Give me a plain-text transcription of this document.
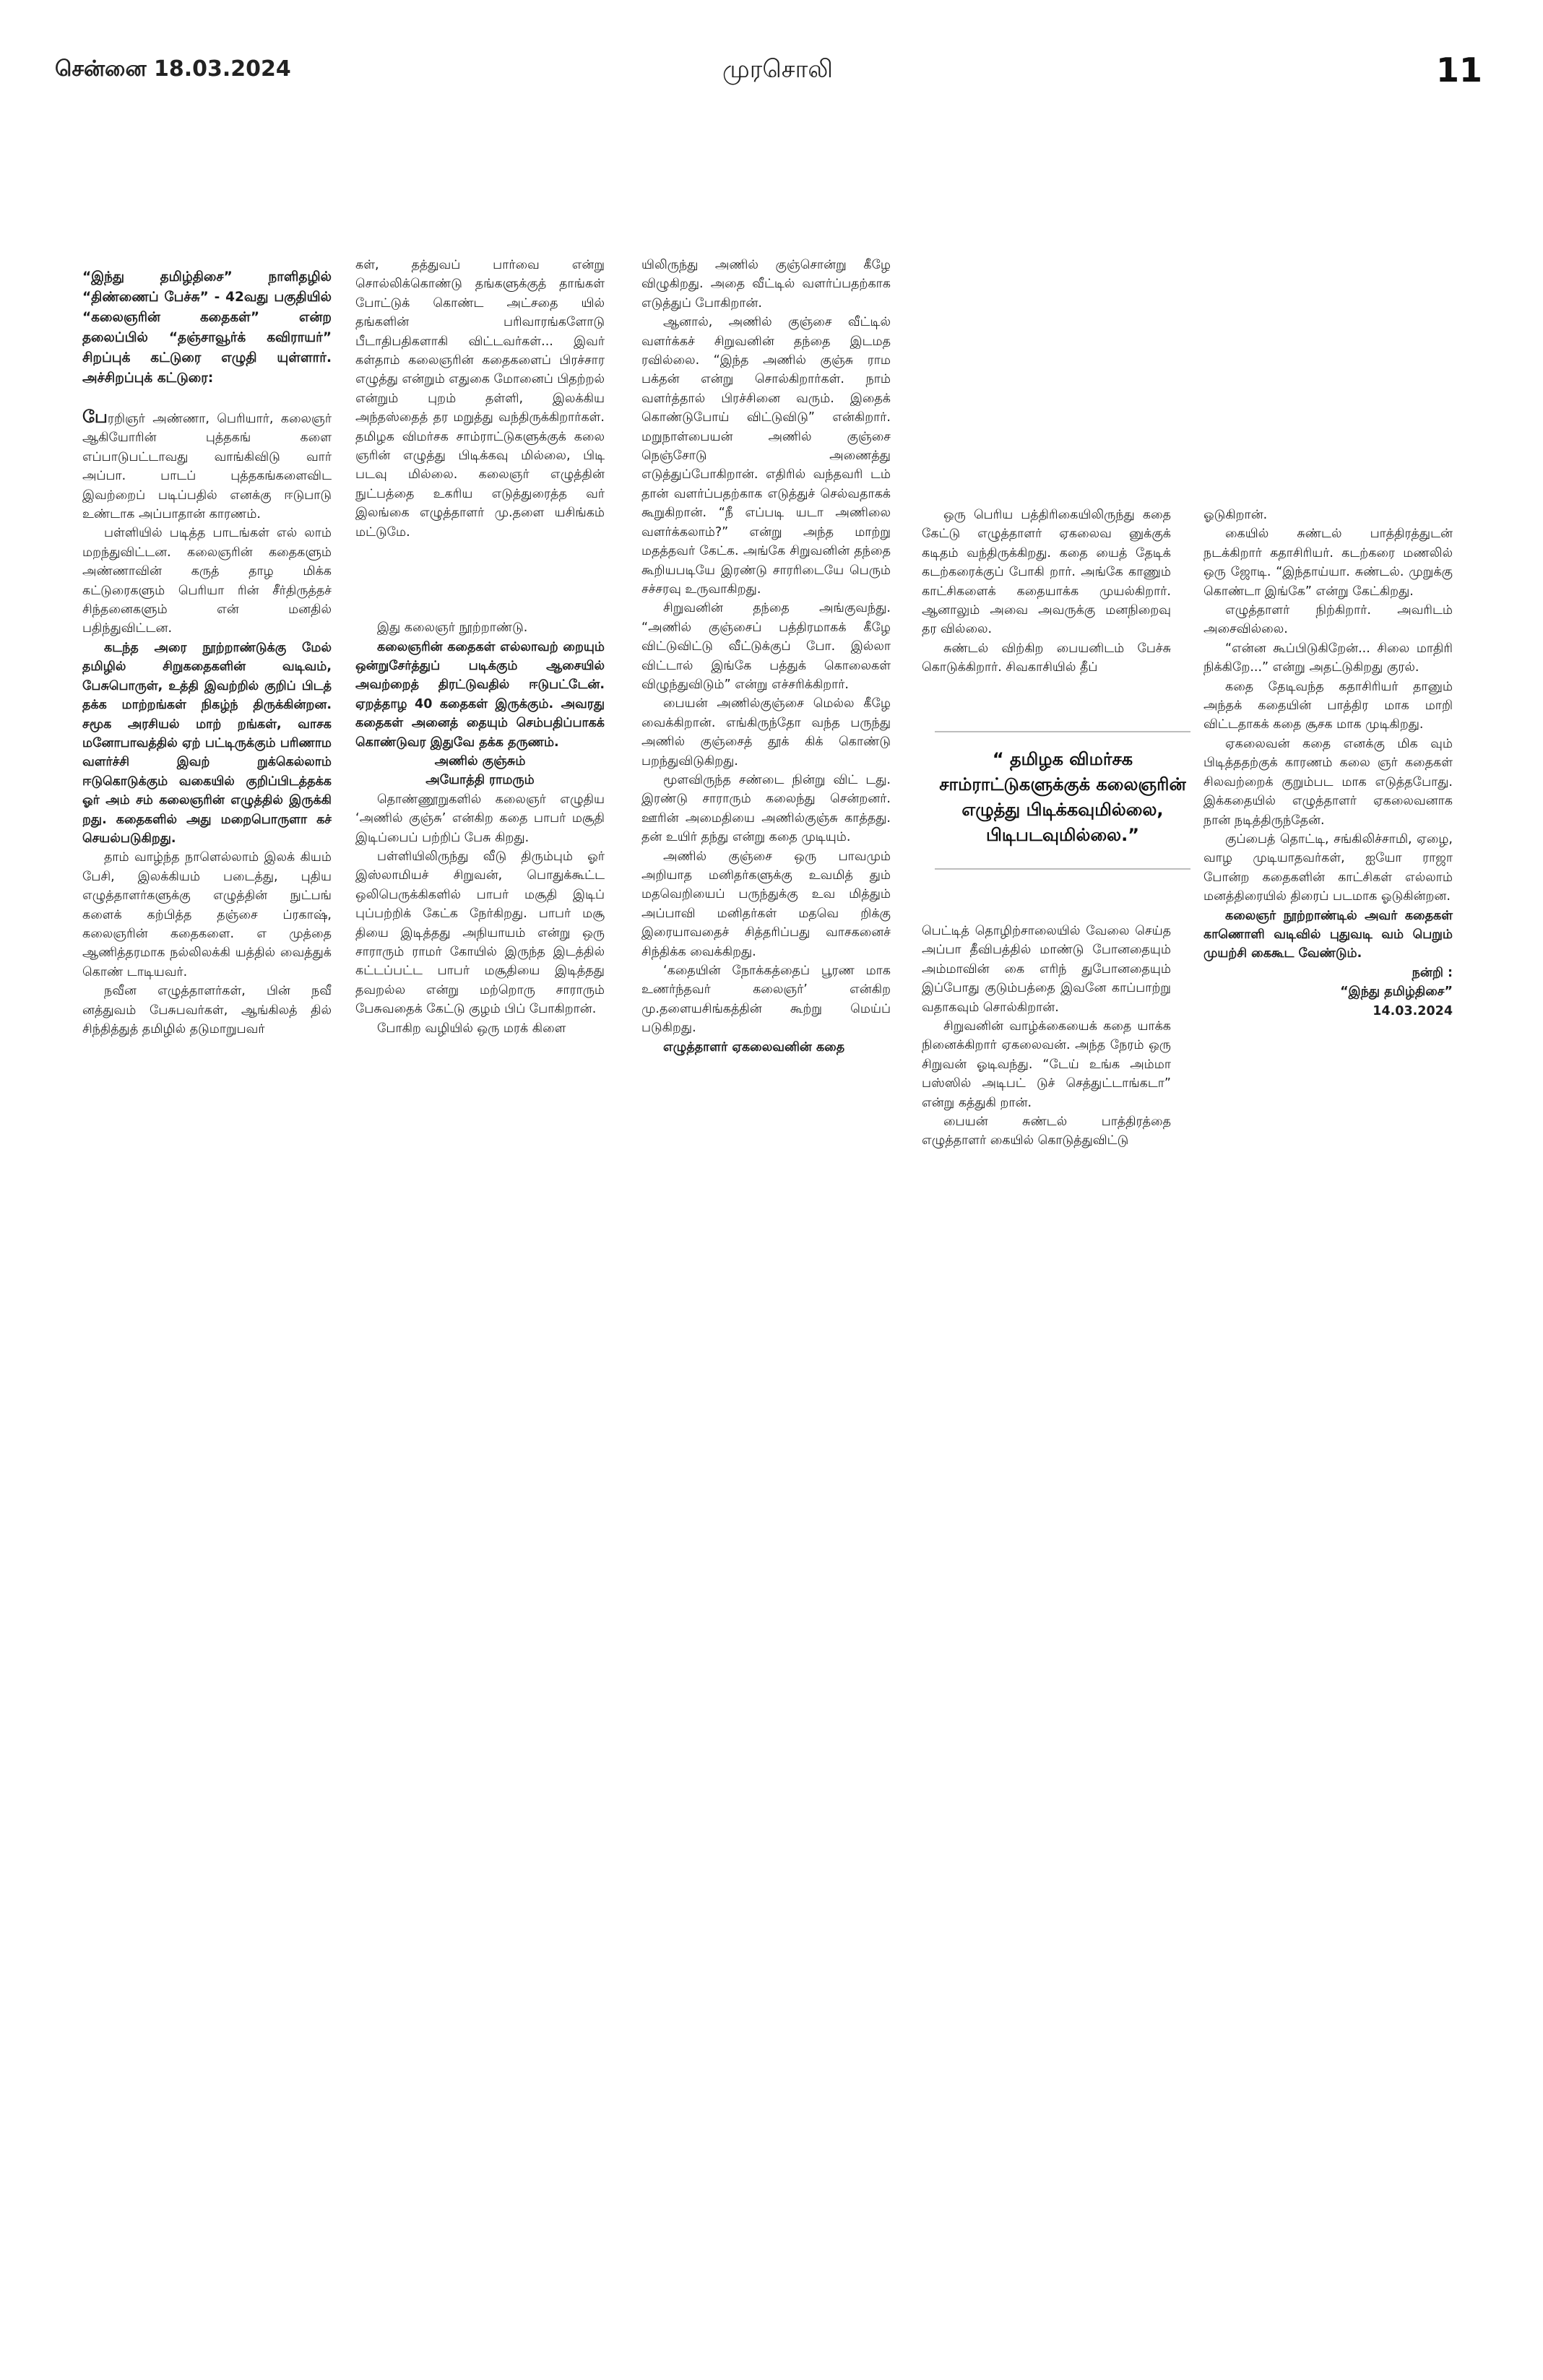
சென்னை 18.03.2024	முரசொலி	11

“இந்து தமிழ்திசை” நாளிதழில் “திண்ணைப் பேச்சு” - 42வது பகுதியில் “கலைஞரின் கதைகள்” என்ற தலைப்பில் “தஞ்சாவூர்க் கவிராயர்” சிறப்புக் கட்டுரை எழுதி யுள்ளார். அச்சிறப்புக் கட்டுரை:

பேரறிஞர் அண்ணா, பெரியார், கலைஞர் ஆகியோரின் புத்தகங் களை எப்பாடுபட்டாவது வாங்கிவிடு வார் அப்பா. பாடப் புத்தகங்களைவிட இவற்றைப் படிப்பதில் எனக்கு ஈடுபாடு உண்டாக அப்பாதான் காரணம்.

பள்ளியில் படித்த பாடங்கள் எல் லாம் மறந்துவிட்டன. கலைஞரின் கதைகளும் அண்ணாவின் கருத் தாழ மிக்க கட்டுரைகளும் பெரியா ரின் சீர்திருத்தச் சிந்தனைகளும் என் மனதில் பதிந்துவிட்டன.

கடந்த அரை நூற்றாண்டுக்கு மேல் தமிழில் சிறுகதைகளின் வடிவம், பேசுபொருள், உத்தி இவற்றில் குறிப் பிடத் தக்க மாற்றங்கள் நிகழ்ந் திருக்கின்றன. சமூக அரசியல் மாற் றங்கள், வாசக மனோபாவத்தில் ஏற் பட்டிருக்கும் பரிணாம வளர்ச்சி இவற் றுக்கெல்லாம் ஈடுகொடுக்கும் வகையில் குறிப்பிடத்தக்க ஓர் அம் சம் கலைஞரின் எழுத்தில் இருக்கி றது. கதைகளில் அது மறைபொருளா கச் செயல்படுகிறது.

தாம் வாழ்ந்த நாளெல்லாம் இலக் கியம் பேசி, இலக்கியம் படைத்து, புதிய எழுத்தாளர்களுக்கு எழுத்தின் நுட்பங் களைக் கற்பித்த தஞ்சை ப்ரகாஷ், கலைஞரின் கதைகளை. எ முத்தை ஆணித்தரமாக நல்லிலக்கி யத்தில் வைத்துக் கொண் டாடியவர்.

நவீன எழுத்தாளர்கள், பின் நவீ னத்துவம் பேசுபவர்கள், ஆங்கிலத் தில் சிந்தித்துத் தமிழில் தடுமாறுபவர்

கள், தத்துவப் பார்வை என்று சொல்லிக்கொண்டு தங்களுக்குத் தாங்கள் போட்டுக் கொண்ட அட்சதை யில் தங்களின் பரிவாரங்களோடு பீடாதிபதிகளாகி விட்டவர்கள்... இவர் கள்தாம் கலைஞரின் கதைகளைப் பிரச்சார எழுத்து என்றும் எதுகை மோனைப் பிதற்றல் என்றும் புறம் தள்ளி, இலக்கிய அந்தஸ்தைத் தர மறுத்து வந்திருக்கிறார்கள். தமிழக விமர்சக சாம்ராட்டுகளுக்குக் கலை ஞரின் எழுத்து பிடிக்கவு மில்லை, பிடி படவு மில்லை. கலைஞர் எழுத்தின் நுட்பத்தை உகரிய எடுத்துரைத்த வர் இலங்கை எழுத்தாளர் மு.தளை யசிங்கம் மட்டுமே.

இது கலைஞர் நூற்றாண்டு.

கலைஞரின் கதைகள் எல்லாவற் றையும் ஒன்றுசேர்த்துப் படிக்கும் ஆசையில் அவற்றைத் திரட்டுவதில் ஈடுபட்டேன். ஏறத்தாழ 40 கதைகள் இருக்கும். அவரது கதைகள் அனைத் தையும் செம்பதிப்பாகக் கொண்டுவர இதுவே தக்க தருணம்.

அணில் குஞ்சும்

அயோத்தி ராமரும்

தொண்ணூறுகளில் கலைஞர் எழுதிய ‘அணில் குஞ்சு’ என்கிற கதை பாபர் மசூதி இடிப்பைப் பற்றிப் பேசு கிறது.

பள்ளியிலிருந்து வீடு திரும்பும் ஓர் இஸ்லாமியச் சிறுவன், பொதுக்கூட்ட ஒலிபெருக்கிகளில் பாபர் மசூதி இடிப் புப்பற்றிக் கேட்க நேர்கிறது. பாபர் மசூ தியை இடித்தது அநியாயம் என்று ஒரு சாராரும் ராமர் கோயில் இருந்த இடத்தில் கட்டப்பட்ட பாபர் மசூதியை இடித்தது தவறல்ல என்று மற்றொரு சாராரும் பேசுவதைக் கேட்டு குழம் பிப் போகிறான்.

போகிற வழியில் ஒரு மரக் கிளை

யிலிருந்து அணில் குஞ்சொன்று கீழே விழுகிறது. அதை வீட்டில் வளர்ப்பதற்காக எடுத்துப் போகிறான்.

ஆனால், அணில் குஞ்சை வீட்டில் வளர்க்கச் சிறுவனின் தந்தை இடமத ரவில்லை. “இந்த அணில் குஞ்சு ராம பக்தன் என்று சொல்கிறார்கள். நாம் வளர்த்தால் பிரச்சினை வரும். இதைக் கொண்டுபோய் விட்டுவிடு” என்கிறார். மறுநாள்பையன் அணில் குஞ்சை நெஞ்சோடு அணைத்து எடுத்துப்போகிறான். எதிரில் வந்தவரி டம் தான் வளர்ப்பதற்காக எடுத்துச் செல்வதாகக் கூறுகிறான். “நீ எப்படி யடா அணிலை வளர்க்கலாம்?” என்று அந்த மாற்று மதத்தவர் கேட்க. அங்கே சிறுவனின் தந்தை கூறியபடியே இரண்டு சாரரிடையே பெரும் சச்சரவு உருவாகிறது.

சிறுவனின் தந்தை அங்குவந்து. “அணில் குஞ்சைப் பத்திரமாகக் கீழே விட்டுவிட்டு வீட்டுக்குப் போ. இல்லா விட்டால் இங்கே பத்துக் கொலைகள் விழுந்துவிடும்” என்று எச்சரிக்கிறார்.

பையன் அணில்குஞ்சை மெல்ல கீழே வைக்கிறான். எங்கிருந்தோ வந்த பருந்து அணில் குஞ்சைத் தூக் கிக் கொண்டு பறந்துவிடுகிறது.

மூளவிருந்த சண்டை நின்று விட் டது. இரண்டு சாராரும் கலைந்து சென்றனர். ஊரின் அமைதியை அணில்குஞ்சு காத்தது. தன் உயிர் தந்து என்று கதை முடியும்.

அணில் குஞ்சை ஒரு பாவமும் அறியாத மனிதர்களுக்கு உவமித் தும் மதவெறியைப் பருந்துக்கு உவ மித்தும் அப்பாவி மனிதர்கள் மதவெ றிக்கு இரையாவதைச் சித்தரிப்பது வாசகனைச் சிந்திக்க வைக்கிறது.

‘கதையின் நோக்கத்தைப் பூரண மாக உணர்ந்தவர் கலைஞர்’ என்கிற மு.தளையசிங்கத்தின் கூற்று மெய்ப் படுகிறது.

எழுத்தாளர் ஏகலைவனின் கதை

ஒரு பெரிய பத்திரிகையிலிருந்து கதை கேட்டு எழுத்தாளர் ஏகலைவ னுக்குக் கடிதம் வந்திருக்கிறது. கதை யைத் தேடிக் கடற்கரைக்குப் போகி றார். அங்கே காணும் காட்சிகளைக் கதையாக்க முயல்கிறார். ஆனாலும் அவை அவருக்கு மனநிறைவு தர வில்லை.

சுண்டல் விற்கிற பையனிடம் பேச்சு கொடுக்கிறார். சிவகாசியில் தீப்

“ தமிழக விமர்சக சாம்ராட்டுகளுக்குக் கலைஞரின் எழுத்து பிடிக்கவுமில்லை, பிடிபடவுமில்லை.”

பெட்டித் தொழிற்சாலையில் வேலை செய்த அப்பா தீவிபத்தில் மாண்டு போனதையும் அம்மாவின் கை எரிந் துபோனதையும் இப்போது குடும்பத்தை இவனே காப்பாற்று வதாகவும் சொல்கிறான்.

சிறுவனின் வாழ்க்கையைக் கதை யாக்க நினைக்கிறார் ஏகலைவன். அந்த நேரம் ஒரு சிறுவன் ஓடிவந்து. “டேய் உங்க அம்மா பஸ்ஸில் அடிபட் டுச் செத்துட்டாங்கடா” என்று கத்துகி றான்.

பையன் சுண்டல் பாத்திரத்தை எழுத்தாளர் கையில் கொடுத்துவிட்டு

ஓடுகிறான்.

கையில் சுண்டல் பாத்திரத்துடன் நடக்கிறார் கதாசிரியர். கடற்கரை மணலில் ஒரு ஜோடி. “இந்தாய்யா. சுண்டல். முறுக்கு கொண்டா இங்கே” என்று கேட்கிறது.

எழுத்தாளர் நிற்கிறார். அவரிடம் அசைவில்லை.

“என்ன கூப்பிடுகிறேன்... சிலை மாதிரி நிக்கிறே...” என்று அதட்டுகிறது குரல்.

கதை தேடிவந்த கதாசிரியர் தானும் அந்தக் கதையின் பாத்திர மாக மாறி விட்டதாகக் கதை சூசக மாக முடிகிறது.

ஏகலைவன் கதை எனக்கு மிக வும் பிடித்ததற்குக் காரணம் கலை ஞர் கதைகள் சிலவற்றைக் குறும்பட மாக எடுத்தபோது. இக்கதையில் எழுத்தாளர் ஏகலைவனாக நான் நடித்திருந்தேன்.

குப்பைத் தொட்டி, சங்கிலிச்சாமி, ஏழை, வாழ முடியாதவர்கள், ஐயோ ராஜா போன்ற கதைகளின் காட்சிகள் எல்லாம் மனத்திரையில் திரைப் படமாக ஓடுகின்றன.

கலைஞர் நூற்றாண்டில் அவர் கதைகள் காணொளி வடிவில் புதுவடி வம் பெறும் முயற்சி கைகூட வேண்டும்.

நன்றி :

“இந்து தமிழ்திசை”

14.03.2024
